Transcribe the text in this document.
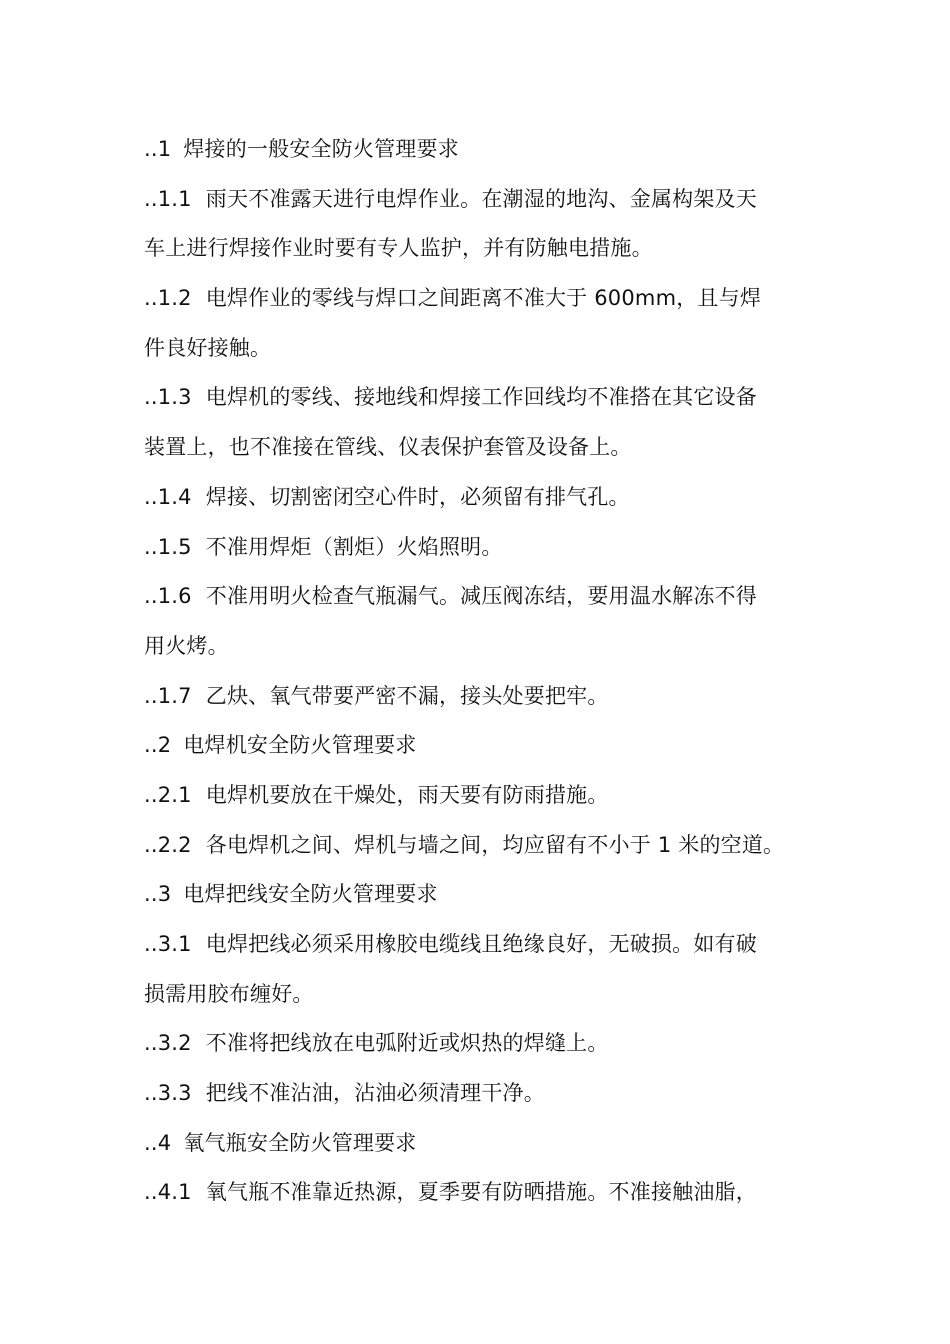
..1 焊接的一般安全防火管理要求
..1.1 雨天不准露天进行电焊作业。在潮湿的地沟、金属构架及天
车上进行焊接作业时要有专人监护，并有防触电措施。
..1.2 电焊作业的零线与焊口之间距离不准大于 600mm，且与焊
件良好接触。
..1.3 电焊机的零线、接地线和焊接工作回线均不准搭在其它设备
装置上，也不准接在管线、仪表保护套管及设备上。
..1.4 焊接、切割密闭空心件时，必须留有排气孔。
..1.5 不准用焊炬（割炬）火焰照明。
..1.6 不准用明火检查气瓶漏气。减压阀冻结，要用温水解冻不得
用火烤。
..1.7 乙炔、氧气带要严密不漏，接头处要把牢。
..2 电焊机安全防火管理要求
..2.1 电焊机要放在干燥处，雨天要有防雨措施。
..2.2 各电焊机之间、焊机与墙之间，均应留有不小于 1 米的空道。
..3 电焊把线安全防火管理要求
..3.1 电焊把线必须采用橡胶电缆线且绝缘良好，无破损。如有破
损需用胶布缠好。
..3.2 不准将把线放在电弧附近或炽热的焊缝上。
..3.3 把线不准沾油，沾油必须清理干净。
..4 氧气瓶安全防火管理要求
..4.1 氧气瓶不准靠近热源，夏季要有防晒措施。不准接触油脂，
